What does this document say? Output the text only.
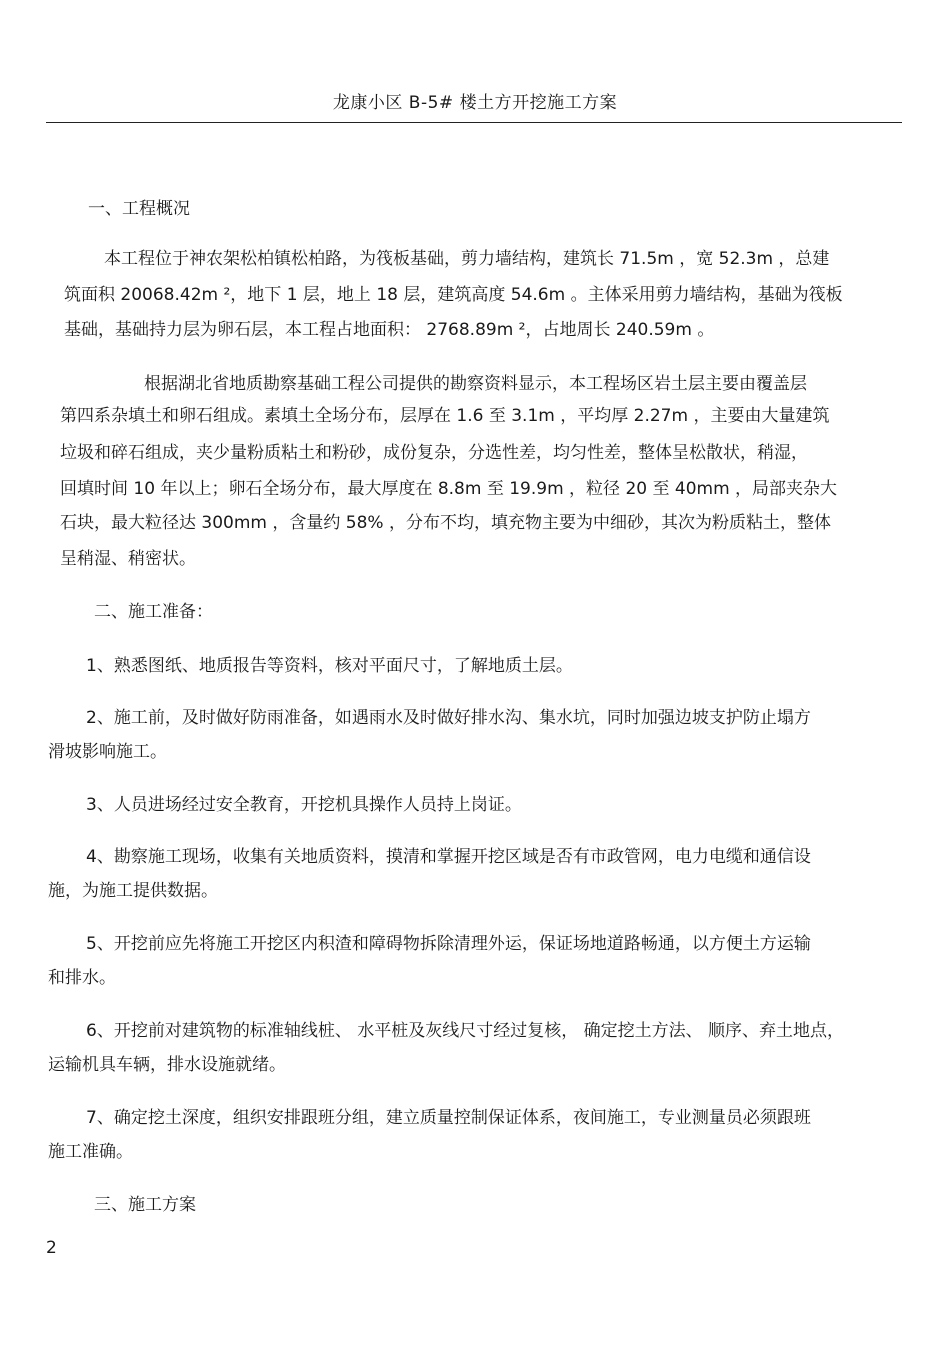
龙康小区 B-5# 楼土方开挖施工方案
一、工程概况
本工程位于神农架松柏镇松柏路，为筏板基础，剪力墙结构，建筑长 71.5m ，宽 52.3m ，总建
筑面积 20068.42m ²，地下 1 层，地上 18 层，建筑高度 54.6m 。主体采用剪力墙结构，基础为筏板
基础，基础持力层为卵石层，本工程占地面积： 2768.89m ²，占地周长 240.59m 。
根据湖北省地质勘察基础工程公司提供的勘察资料显示，本工程场区岩土层主要由覆盖层
第四系杂填土和卵石组成。素填土全场分布，层厚在 1.6 至 3.1m ，平均厚 2.27m ，主要由大量建筑
垃圾和碎石组成，夹少量粉质粘土和粉砂，成份复杂，分选性差，均匀性差，整体呈松散状，稍湿，
回填时间 10 年以上；卵石全场分布，最大厚度在 8.8m 至 19.9m ，粒径 20 至 40mm ，局部夹杂大
石块，最大粒径达 300mm ，含量约 58% ，分布不均，填充物主要为中细砂，其次为粉质粘土，整体
呈稍湿、稍密状。
二、施工准备：
1、熟悉图纸、地质报告等资料，核对平面尺寸，了解地质土层。
2、施工前，及时做好防雨准备，如遇雨水及时做好排水沟、集水坑，同时加强边坡支护防止塌方
滑坡影响施工。
3、人员进场经过安全教育，开挖机具操作人员持上岗证。
4、勘察施工现场，收集有关地质资料，摸清和掌握开挖区域是否有市政管网，电力电缆和通信设
施，为施工提供数据。
5、开挖前应先将施工开挖区内积渣和障碍物拆除清理外运，保证场地道路畅通，以方便土方运输
和排水。
6、开挖前对建筑物的标准轴线桩、 水平桩及灰线尺寸经过复核， 确定挖土方法、 顺序、弃土地点，
运输机具车辆，排水设施就绪。
7、确定挖土深度，组织安排跟班分组，建立质量控制保证体系，夜间施工，专业测量员必须跟班
施工准确。
三、施工方案
2
